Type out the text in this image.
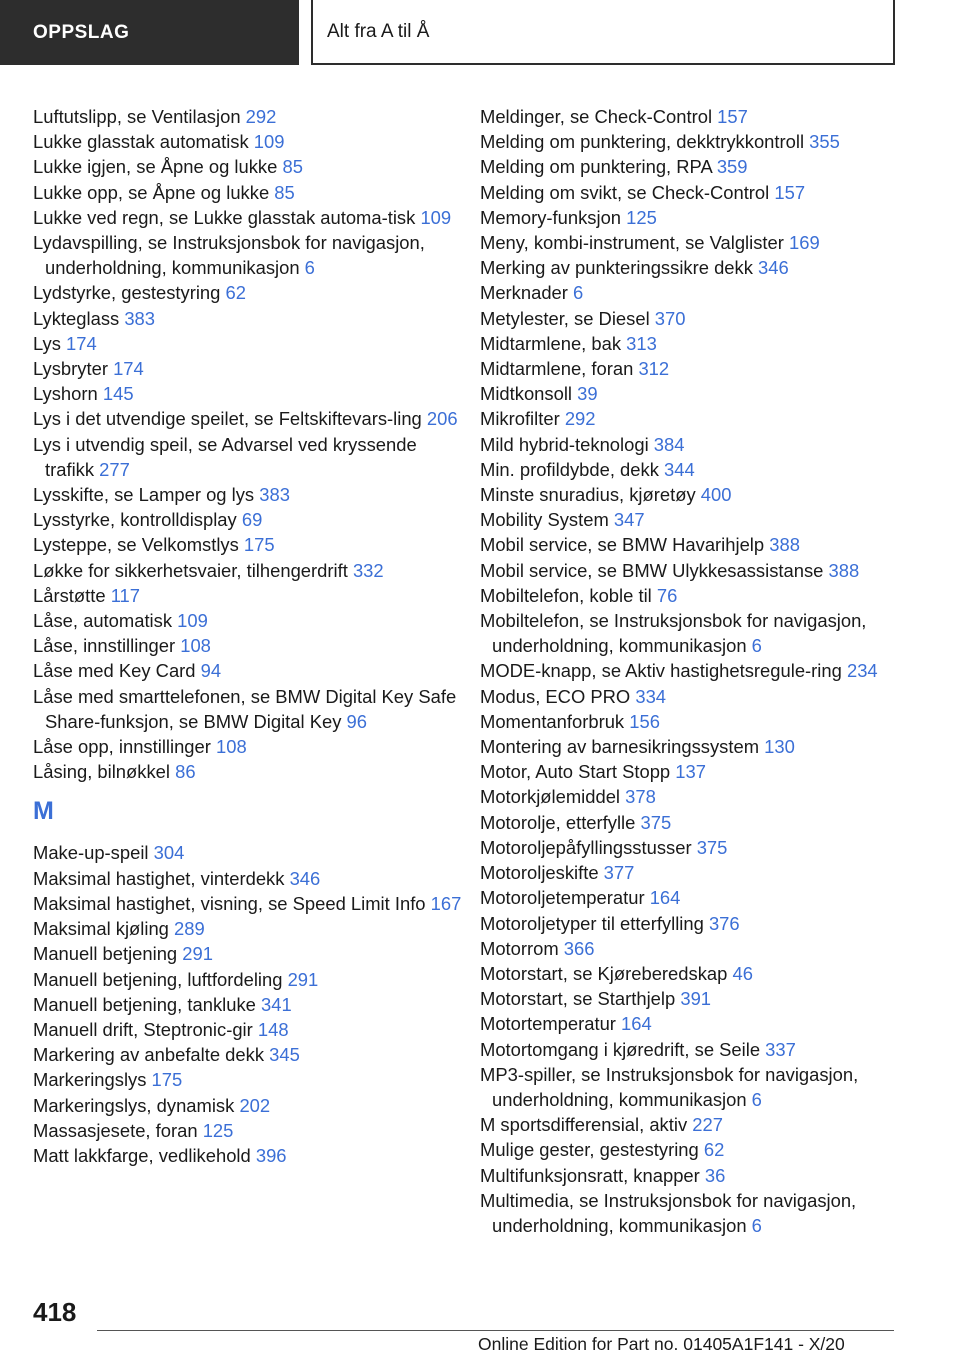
OPPSLAG	Alt fra A til Å
Luftutslipp, se Ventilasjon 292
Lukke glasstak automatisk 109
Lukke igjen, se Åpne og lukke 85
Lukke opp, se Åpne og lukke 85
Lukke ved regn, se Lukke glasstak automa‐tisk 109
Lydavspilling, se Instruksjonsbok for navigasjon, underholdning, kommunikasjon 6
Lydstyrke, gestestyring 62
Lykteglass 383
Lys 174
Lysbryter 174
Lyshorn 145
Lys i det utvendige speilet, se Feltskiftevars‐ling 206
Lys i utvendig speil, se Advarsel ved kryssende trafikk 277
Lysskifte, se Lamper og lys 383
Lysstyrke, kontrolldisplay 69
Lysteppe, se Velkomstlys 175
Løkke for sikkerhetsvaier, tilhengerdrift 332
Lårstøtte 117
Låse, automatisk 109
Låse, innstillinger 108
Låse med Key Card 94
Låse med smarttelefonen, se BMW Digital Key Safe Share-funksjon, se BMW Digital Key 96
Låse opp, innstillinger 108
Låsing, bilnøkkel 86
M
Make-up-speil 304
Maksimal hastighet, vinterdekk 346
Maksimal hastighet, visning, se Speed Limit Info 167
Maksimal kjøling 289
Manuell betjening 291
Manuell betjening, luftfordeling 291
Manuell betjening, tankluke 341
Manuell drift, Steptronic-gir 148
Markering av anbefalte dekk 345
Markeringslys 175
Markeringslys, dynamisk 202
Massasjesete, foran 125
Matt lakkfarge, vedlikehold 396
Meldinger, se Check-Control 157
Melding om punktering, dekktrykkontroll 355
Melding om punktering, RPA 359
Melding om svikt, se Check-Control 157
Memory-funksjon 125
Meny, kombi-instrument, se Valglister 169
Merking av punkteringssikre dekk 346
Merknader 6
Metylester, se Diesel 370
Midtarmlene, bak 313
Midtarmlene, foran 312
Midtkonsoll 39
Mikrofilter 292
Mild hybrid-teknologi 384
Min. profildybde, dekk 344
Minste snuradius, kjøretøy 400
Mobility System 347
Mobil service, se BMW Havarihjelp 388
Mobil service, se BMW Ulykkesassistanse 388
Mobiltelefon, koble til 76
Mobiltelefon, se Instruksjonsbok for navigasjon, underholdning, kommunikasjon 6
MODE-knapp, se Aktiv hastighetsregule‐ring 234
Modus, ECO PRO 334
Momentanforbruk 156
Montering av barnesikringssystem 130
Motor, Auto Start Stopp 137
Motorkjølemiddel 378
Motorolje, etterfylle 375
Motoroljepåfyllingsstusser 375
Motoroljeskifte 377
Motoroljetemperatur 164
Motoroljetyper til etterfylling 376
Motorrom 366
Motorstart, se Kjøreberedskap 46
Motorstart, se Starthjelp 391
Motortemperatur 164
Motortomgang i kjøredrift, se Seile 337
MP3-spiller, se Instruksjonsbok for navigasjon, underholdning, kommunikasjon 6
M sportsdifferensial, aktiv 227
Mulige gester, gestestyring 62
Multifunksjonsratt, knapper 36
Multimedia, se Instruksjonsbok for navigasjon, underholdning, kommunikasjon 6
418
Online Edition for Part no. 01405A1F141 - X/20
